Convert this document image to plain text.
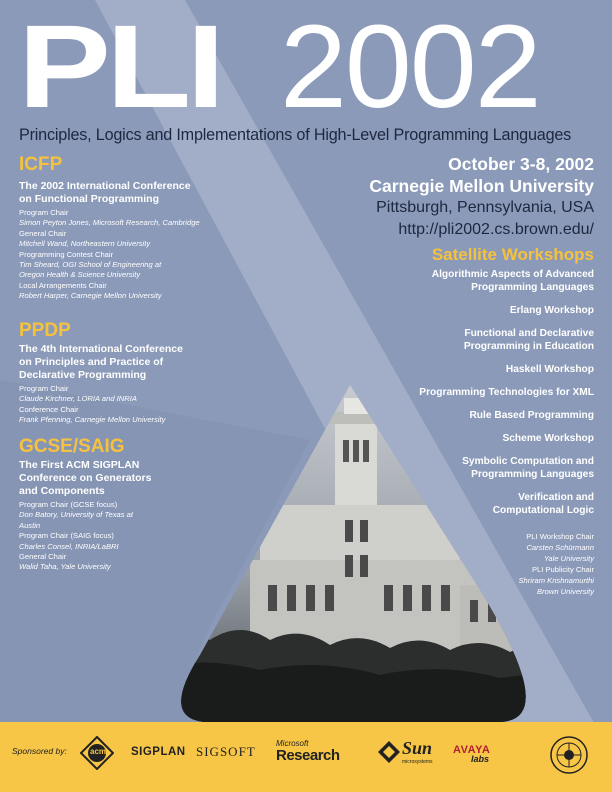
PLI 2002
Principles, Logics and Implementations of High-Level Programming Languages
ICFP
The 2002 International Conference
on Functional Programming
Program Chair
Simon Peyton Jones, Microsoft Research, Cambridge
General Chair
Mitchell Wand, Northeastern University
Programming Contest Chair
Tim Sheard, OGI School of Engineering at
Oregon Health & Science University
Local Arrangements Chair
Robert Harper, Carnegie Mellon University
PPDP
The 4th International Conference
on Principles and Practice of
Declarative Programming
Program Chair
Claude Kirchner, LORIA and INRIA
Conference Chair
Frank Pfenning, Carnegie Mellon University
GCSE/SAIG
The First ACM SIGPLAN
Conference on Generators
and Components
Program Chair (GCSE focus)
Don Batory, University of Texas at
Austin
Program Chair (SAIG focus)
Charles Consel, INRIA/LaBRI
General Chair
Walid Taha, Yale University
October 3-8, 2002
Carnegie Mellon University
Pittsburgh, Pennsylvania, USA
http://pli2002.cs.brown.edu/
Satellite Workshops
Algorithmic Aspects of Advanced
Programming Languages
Erlang Workshop
Functional and Declarative
Programming in Education
Haskell Workshop
Programming Technologies for XML
Rule Based Programming
Scheme Workshop
Symbolic Computation and
Programming Languages
Verification and
Computational Logic
PLI Workshop Chair
Carsten Schürmann
Yale University
PLI Publicity Chair
Shriram Krishnamurthi
Brown University
Sponsored by:	acm SIGPLAN SIGSOFT
Microsoft
Research	Sun
microsystems
AVAYA
labs
